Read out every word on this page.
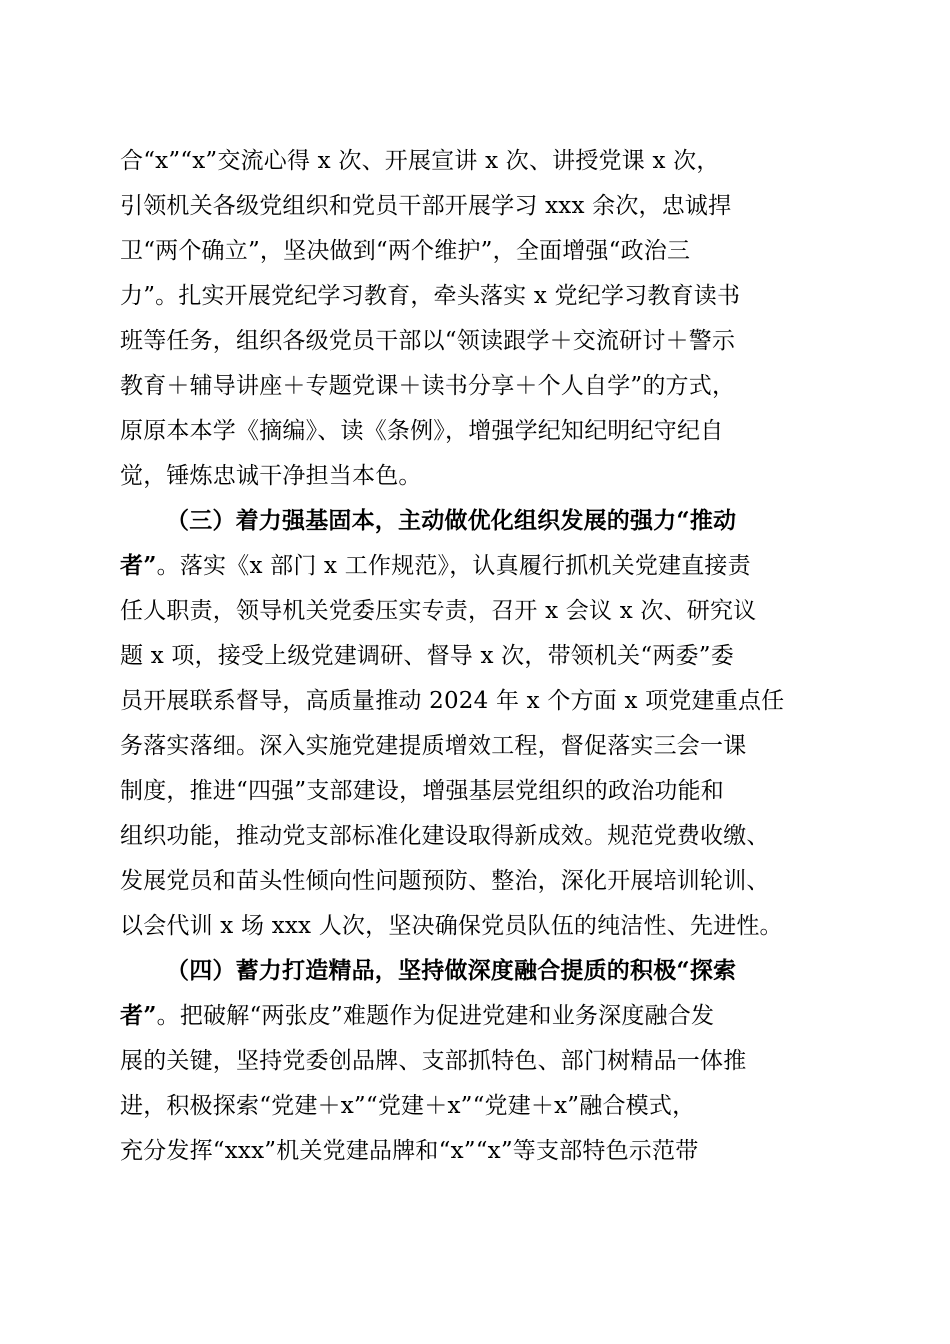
合“x”“x”交流心得 x 次、开展宣讲 x 次、讲授党课 x 次，
引领机关各级党组织和党员干部开展学习 xxx 余次，忠诚捍
卫“两个确立”，坚决做到“两个维护”，全面增强“政治三
力”。扎实开展党纪学习教育，牵头落实 x 党纪学习教育读书
班等任务，组织各级党员干部以“领读跟学＋交流研讨＋警示
教育＋辅导讲座＋专题党课＋读书分享＋个人自学”的方式，
原原本本学《摘编》、读《条例》，增强学纪知纪明纪守纪自
觉，锤炼忠诚干净担当本色。
（三）着力强基固本，主动做优化组织发展的强力“推动
者”。落实《x 部门 x 工作规范》，认真履行抓机关党建直接责
任人职责，领导机关党委压实专责，召开 x 会议 x 次、研究议
题 x 项，接受上级党建调研、督导 x 次，带领机关“两委”委
员开展联系督导，高质量推动 2024 年 x 个方面 x 项党建重点任
务落实落细。深入实施党建提质增效工程，督促落实三会一课
制度，推进“四强”支部建设，增强基层党组织的政治功能和
组织功能，推动党支部标准化建设取得新成效。规范党费收缴、
发展党员和苗头性倾向性问题预防、整治，深化开展培训轮训、
以会代训 x 场 xxx 人次，坚决确保党员队伍的纯洁性、先进性。
（四）蓄力打造精品，坚持做深度融合提质的积极“探索
者”。把破解“两张皮”难题作为促进党建和业务深度融合发
展的关键，坚持党委创品牌、支部抓特色、部门树精品一体推
进，积极探索“党建＋x”“党建＋x”“党建＋x”融合模式，
充分发挥“xxx”机关党建品牌和“x”“x”等支部特色示范带
